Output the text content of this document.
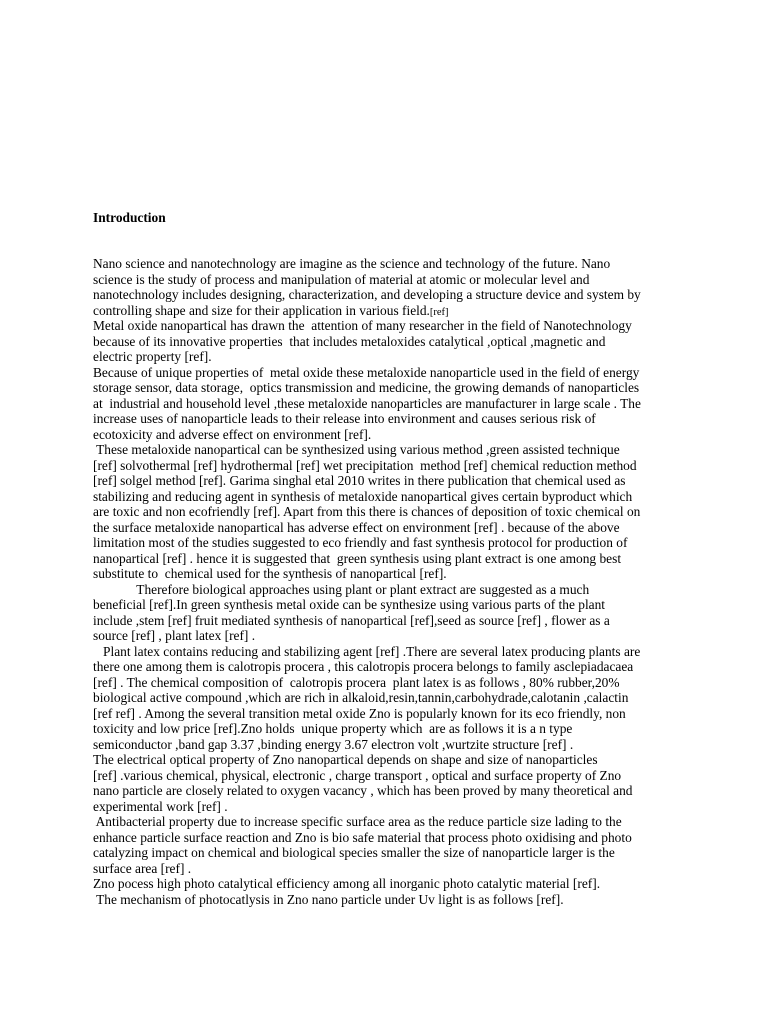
Introduction
Nano science and nanotechnology are imagine as the science and technology of the future. Nano
science is the study of process and manipulation of material at atomic or molecular level and
nanotechnology includes designing, characterization, and developing a structure device and system by
controlling shape and size for their application in various field.[ref]
Metal oxide nanopartical has drawn the  attention of many researcher in the field of Nanotechnology
because of its innovative properties  that includes metaloxides catalytical ,optical ,magnetic and
electric property [ref].
Because of unique properties of  metal oxide these metaloxide nanoparticle used in the field of energy
storage sensor, data storage,  optics transmission and medicine, the growing demands of nanoparticles
at  industrial and household level ,these metaloxide nanoparticles are manufacturer in large scale . The
increase uses of nanoparticle leads to their release into environment and causes serious risk of
ecotoxicity and adverse effect on environment [ref].
These metaloxide nanopartical can be synthesized using various method ,green assisted technique
[ref] solvothermal [ref] hydrothermal [ref] wet precipitation  method [ref] chemical reduction method
[ref] solgel method [ref]. Garima singhal etal 2010 writes in there publication that chemical used as
stabilizing and reducing agent in synthesis of metaloxide nanopartical gives certain byproduct which
are toxic and non ecofriendly [ref]. Apart from this there is chances of deposition of toxic chemical on
the surface metaloxide nanopartical has adverse effect on environment [ref] . because of the above
limitation most of the studies suggested to eco friendly and fast synthesis protocol for production of
nanopartical [ref] . hence it is suggested that  green synthesis using plant extract is one among best
substitute to  chemical used for the synthesis of nanopartical [ref].
Therefore biological approaches using plant or plant extract are suggested as a much
beneficial [ref].In green synthesis metal oxide can be synthesize using various parts of the plant
include ,stem [ref] fruit mediated synthesis of nanopartical [ref],seed as source [ref] , flower as a
source [ref] , plant latex [ref] .
Plant latex contains reducing and stabilizing agent [ref] .There are several latex producing plants are
there one among them is calotropis procera , this calotropis procera belongs to family asclepiadacaea
[ref] . The chemical composition of  calotropis procera  plant latex is as follows , 80% rubber,20%
biological active compound ,which are rich in alkaloid,resin,tannin,carbohydrade,calotanin ,calactin
[ref ref] . Among the several transition metal oxide Zno is popularly known for its eco friendly, non
toxicity and low price [ref].Zno holds  unique property which  are as follows it is a n type
semiconductor ,band gap 3.37 ,binding energy 3.67 electron volt ,wurtzite structure [ref] .
The electrical optical property of Zno nanopartical depends on shape and size of nanoparticles
[ref] .various chemical, physical, electronic , charge transport , optical and surface property of Zno
nano particle are closely related to oxygen vacancy , which has been proved by many theoretical and
experimental work [ref] .
Antibacterial property due to increase specific surface area as the reduce particle size lading to the
enhance particle surface reaction and Zno is bio safe material that process photo oxidising and photo
catalyzing impact on chemical and biological species smaller the size of nanoparticle larger is the
surface area [ref] .
Zno pocess high photo catalytical efficiency among all inorganic photo catalytic material [ref].
The mechanism of photocatlysis in Zno nano particle under Uv light is as follows [ref].
